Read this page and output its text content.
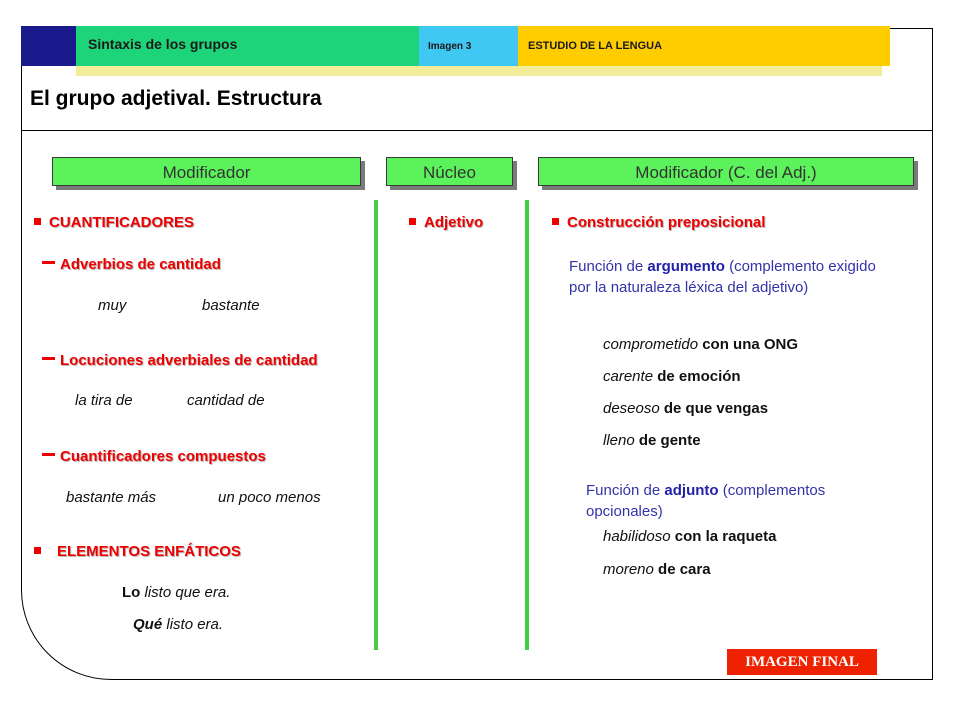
Sintaxis de los grupos	Imagen 3	ESTUDIO DE LA LENGUA
El grupo adjetival. Estructura
Modificador	Núcleo	Modificador (C. del Adj.)
CUANTIFICADORES
Adverbios de cantidad
muy	bastante
Locuciones adverbiales de cantidad
la tira de	cantidad de
Cuantificadores compuestos
bastante más	un poco menos
ELEMENTOS ENFÁTICOS
Lo listo que era.
Qué listo era.
Adjetivo	Construcción preposicional
Función de argumento (complemento exigido por la naturaleza léxica del adjetivo)
comprometido con una ONG
carente de emoción
deseoso de que vengas
lleno de gente
Función de adjunto (complementos opcionales)
habilidoso con la raqueta
moreno de cara
IMAGEN FINAL
